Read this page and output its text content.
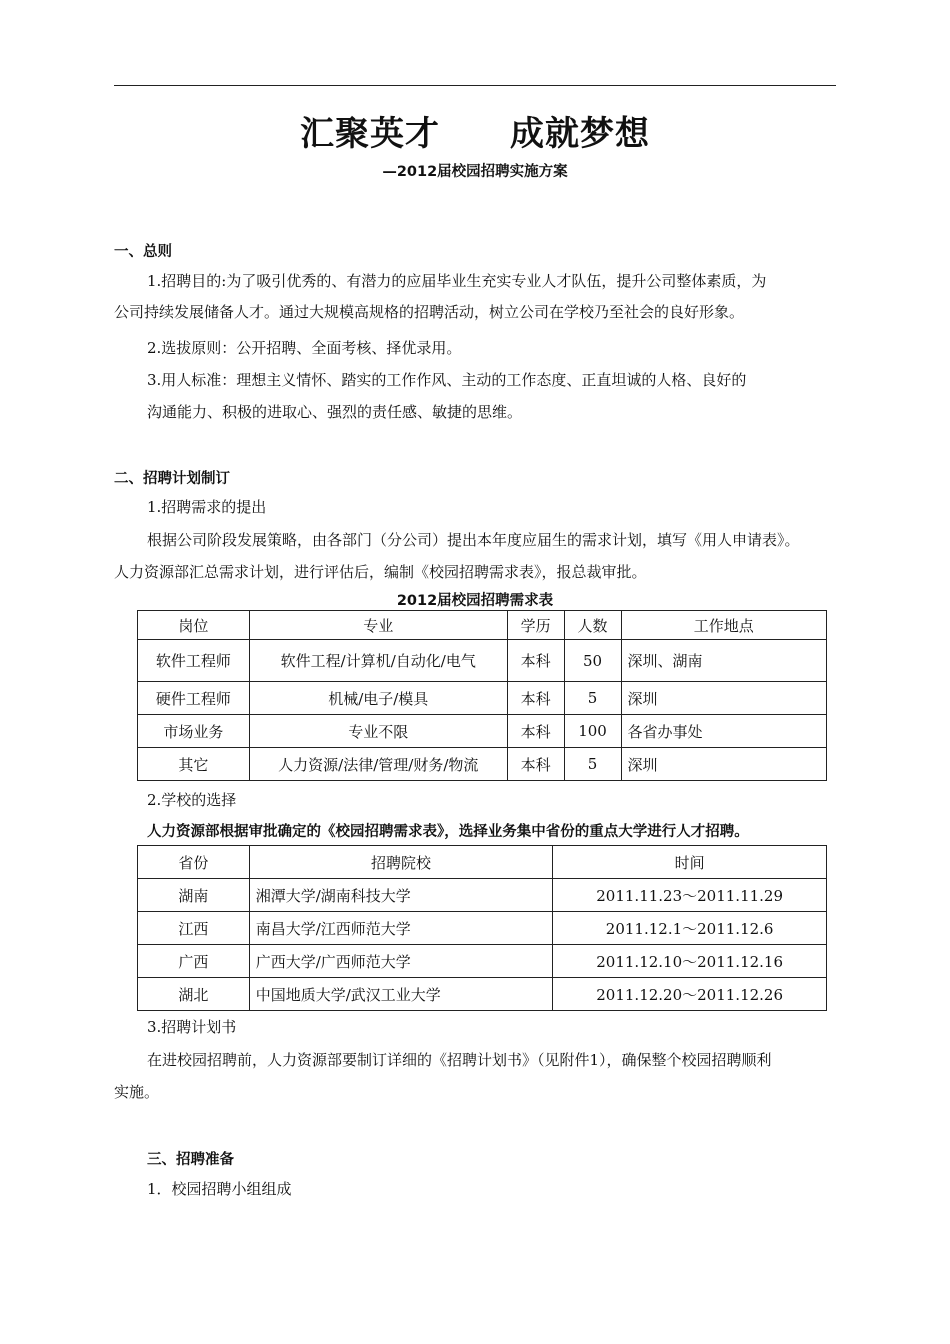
汇聚英才　　成就梦想
—2012届校园招聘实施方案
一、总则
1.招聘目的:为了吸引优秀的、有潜力的应届毕业生充实专业人才队伍，提升公司整体素质，为
公司持续发展储备人才。通过大规模高规格的招聘活动，树立公司在学校乃至社会的良好形象。
2.选拔原则：公开招聘、全面考核、择优录用。
3.用人标准：理想主义情怀、踏实的工作作风、主动的工作态度、正直坦诚的人格、良好的
沟通能力、积极的进取心、强烈的责任感、敏捷的思维。
二、招聘计划制订
1.招聘需求的提出
根据公司阶段发展策略，由各部门（分公司）提出本年度应届生的需求计划，填写《用人申请表》。
人力资源部汇总需求计划，进行评估后，编制《校园招聘需求表》，报总裁审批。
2012届校园招聘需求表
岗位	专业	学历	人数	工作地点
软件工程师	软件工程/计算机/自动化/电气	本科	50	深圳、湖南
硬件工程师	机械/电子/模具	本科	5	深圳
市场业务	专业不限	本科	100	各省办事处
其它	人力资源/法律/管理/财务/物流	本科	5	深圳
2.学校的选择
人力资源部根据审批确定的《校园招聘需求表》，选择业务集中省份的重点大学进行人才招聘。
省份	招聘院校	时间
湖南	湘潭大学/湖南科技大学	2011.11.23～2011.11.29
江西	南昌大学/江西师范大学	2011.12.1～2011.12.6
广西	广西大学/广西师范大学	2011.12.10～2011.12.16
湖北	中国地质大学/武汉工业大学	2011.12.20～2011.12.26
3.招聘计划书
在进校园招聘前，人力资源部要制订详细的《招聘计划书》（见附件1），确保整个校园招聘顺利
实施。
三、招聘准备
1．校园招聘小组组成
